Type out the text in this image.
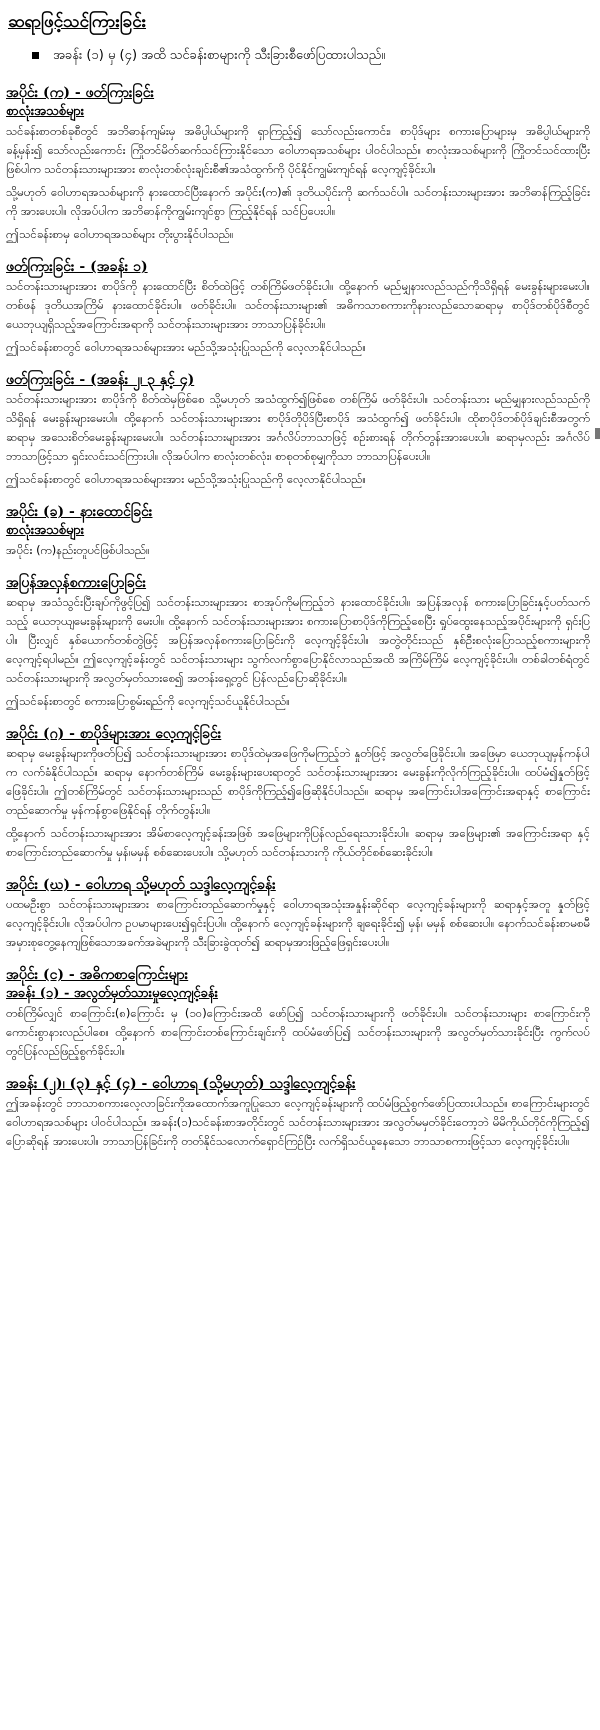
ဆရာဖြင့်သင်ကြားခြင်း
အခန်း (၁) မှ (၄) အထိ သင်ခန်းစာများကို သီးခြားစီဖော်ပြထားပါသည်။
အပိုင်း (က) - ဖတ်ကြားခြင်း
စာလုံးအသစ်များ

သင်ခန်းစာတစ်ခုစီတွင် အဘိဓာန်ကျမ်းမှ အဓိပ္ပါယ်များကို ရှာကြည့်၍ သော်လည်းကောင်း၊ စာပိုဒ်များ စကားပြောများမှ အဓိပ္ပါယ်များကို ခန့်မှန်း၍ သော်လည်းကောင်း ကြိုတင်မိတ်ဆက်သင်ကြားနိုင်သော ဝေါဟာရအသစ်များ ပါဝင်ပါသည်။ စာလုံးအသစ်များကို ကြိုတင်သင်ထားပြီးဖြစ်ပါက သင်တန်းသားများအား စာလုံးတစ်လုံးချင်းစီ၏အသံထွက်ကို ပိုင်နိုင်ကျွမ်းကျင်ရန် လေ့ကျင့်ခိုင်းပါ။

သို့မဟုတ် ဝေါဟာရအသစ်များကို နားထောင်ပြီးနောက် အပိုင်း(က)၏ ဒုတိယပိုင်းကို ဆက်သင်ပါ။ သင်တန်းသားများအား အဘိဓာန်ကြည့်ခြင်းကို အားပေးပါ။ လိုအပ်ပါက အဘိဓာန်ကိုကျွမ်းကျင်စွာ ကြည့်နိုင်ရန် သင်ပြပေးပါ။

ဤသင်ခန်းစာမှ ဝေါဟာရအသစ်များ တိုးပွားနိုင်ပါသည်။

ဖတ်ကြားခြင်း - (အခန်း ၁)

သင်တန်းသားများအား စာပိုဒ်ကို နားထောင်ပြီး စိတ်ထဲဖြင့် တစ်ကြိမ်ဖတ်ခိုင်းပါ။ ထို့နောက် မည်မျှနားလည်သည်ကိုသိရှိရန် မေးခွန်းများမေးပါ။ တစ်ဖန် ဒုတိယအကြိမ် နားထောင်ခိုင်းပါ။ ဖတ်ခိုင်းပါ။ သင်တန်းသားများ၏ အဓိကသာစကားကိုနားလည်သောဆရာမှ စာပိုဒ်တစ်ပိုဒ်စီတွင် ယေဘုယျရှိသည့်အကြောင်းအရာကို သင်တန်းသားများအား ဘာသာပြန်ခိုင်းပါ။

ဤသင်ခန်းစာတွင် ဝေါဟာရအသစ်များအား မည်သို့အသုံးပြုသည်ကို လေ့လာနိုင်ပါသည်။

ဖတ်ကြားခြင်း - (အခန်း ၂၊ ၃ နှင့် ၄)

သင်တန်းသားများအား စာပိုဒ်ကို စိတ်ထဲမှဖြစ်စေ သို့မဟုတ် အသံထွက်၍ဖြစ်စေ တစ်ကြိမ် ဖတ်ခိုင်းပါ။ သင်တန်းသား မည်မျှနားလည်သည်ကိုသိရှိရန် မေးခွန်းများမေးပါ။ ထို့နောက် သင်တန်းသားများအား စာပိုဒ်တိုပိုဒ်ပြီးစာပိုဒ် အသံထွက်၍ ဖတ်ခိုင်းပါ။ ထိုစာပိုဒ်တစ်ပိုဒ်ချင်းစီအတွက် ဆရာမှ အသေးစိတ်မေးခွန်းများမေးပါ။ သင်တန်းသားများအား အင်္ဂလိပ်ဘာသာဖြင့် စဉ်းစားရန် တိုက်တွန်းအားပေးပါ။ ဆရာမှလည်း အင်္ဂလိပ်ဘာသာဖြင့်သာ ရှင်းလင်းသင်ကြားပါ။ လိုအပ်ပါက စာလုံးတစ်လုံး၊ စာစုတစ်စုမျှကိုသာ ဘာသာပြန်ပေးပါ။

ဤသင်ခန်းစာတွင် ဝေါဟာရအသစ်များအား မည်သို့အသုံးပြုသည်ကို လေ့လာနိုင်ပါသည်။

အပိုင်း (ခ) - နားထောင်ခြင်း
စာလုံးအသစ်များ

အပိုင်း (က)နည်းတူပင်ဖြစ်ပါသည်။

အပြန်အလှန်စကားပြောခြင်း

ဆရာမှ အသံသွင်းပြီးချပ်ကိုဖွင့်ပြ၍ သင်တန်းသားများအား စာအုပ်ကိုမကြည့်ဘဲ နားထောင်ခိုင်းပါ။ အပြန်အလှန် စကားပြောခြင်းနှင့်ပတ်သက်သည့် ယေဘုယျမေးခွန်းများကို မေးပါ။ ထို့နောက် သင်တန်းသားများအား စကားပြောစာပိုဒ်ကိုကြည့်စေပြီး ရှုပ်ထွေးနေသည့်အပိုင်းများကို ရှင်းပြပါ။ ပြီးလျှင် နှစ်ယောက်တစ်တွဲဖြင့် အပြန်အလှန်စကားပြောခြင်းကို လေ့ကျင့်ခိုင်းပါ။ အတွဲတိုင်းသည် နှစ်ဦးစလုံးပြောသည့်စကားများကို လေ့ကျင့်ရပါမည်။ ဤလေ့ကျင့်ခန်းတွင် သင်တန်းသားများ သွက်လက်စွာပြောနိုင်လာသည်အထိ အကြိမ်ကြိမ် လေ့ကျင့်ခိုင်းပါ။ တစ်ခါတစ်ရံတွင် သင်တန်းသားများကို အလွတ်မှတ်သားစေ၍ အတန်းရှေ့တွင် ပြန်လည်ပြောဆိုခိုင်းပါ။

ဤသင်ခန်းစာတွင် စကားပြောစွမ်းရည်ကို လေ့ကျင့်သင်ယူနိုင်ပါသည်။

အပိုင်း (ဂ) - စာပိုဒ်များအား လေ့ကျင့်ခြင်း

ဆရာမှ မေးခွန်းများကိုဖတ်ပြ၍ သင်တန်းသားများအား စာပိုဒ်ထဲမှအဖြေကိုမကြည့်ဘဲ နှုတ်ဖြင့် အလွတ်ဖြေခိုင်းပါ။ အဖြေမှာ ယေဘုယျမှန်ကန်ပါက လက်ခံနိုင်ပါသည်။ ဆရာမှ နောက်တစ်ကြိမ် မေးခွန်းများပေးရာတွင် သင်တန်းသားများအား မေးခွန်းကိုလိုက်ကြည့်ခိုင်းပါ။ ထပ်မံ၍နှုတ်ဖြင့် ဖြေခိုင်းပါ။ ဤတစ်ကြိမ်တွင် သင်တန်းသားများသည် စာပိုဒ်ကိုကြည့်၍ဖြေဆိုနိုင်ပါသည်။ ဆရာမှ အကြောင်းပါအကြောင်းအရာနှင့် စာကြောင်းတည်ဆောက်မှု မှန်ကန်စွာဖြေနိုင်ရန် တိုက်တွန်းပါ။

ထို့နောက် သင်တန်းသားများအား အိမ်စာလေ့ကျင့်ခန်းအဖြစ် အဖြေများကိုပြန်လည်ရေးသားခိုင်းပါ။ ဆရာမှ အဖြေများ၏ အကြောင်းအရာ နှင့် စာကြောင်းတည်ဆောက်မှု မှန်၊မမှန် စစ်ဆေးပေးပါ။ သို့မဟုတ် သင်တန်းသားကို ကိုယ်တိုင်စစ်ဆေးခိုင်းပါ။

အပိုင်း (ဃ) - ဝေါဟာရ သို့မဟုတ် သဒ္ဒါလေ့ကျင့်ခန်း

ပထမဦးစွာ သင်တန်းသားများအား စာကြောင်းတည်ဆောက်မှုနှင့် ဝေါဟာရအသုံးအနှုန်းဆိုင်ရာ လေ့ကျင့်ခန်းများကို ဆရာနှင့်အတူ နှုတ်ဖြင့်လေ့ကျင့်ခိုင်းပါ။ လိုအပ်ပါက ဥပမာများပေး၍ရှင်းပြပါ။ ထို့နောက် လေ့ကျင့်ခန်းများကို ချရေးခိုင်း၍ မှန်၊ မမှန် စစ်ဆေးပါ။ နောက်သင်ခန်းစာမစမီ အမှားစုတွေ့နေကျဖြစ်သောအခက်အခဲများကို သီးခြားခွဲထုတ်၍ ဆရာမှအားဖြည့်ဖြေရှင်းပေးပါ။

အပိုင်း (င) - အဓိကစာကြောင်းများ
အခန်း (၁) - အလွတ်မှတ်သားမှုလေ့ကျင့်ခန်း

တစ်ကြိမ်လျှင် စာကြောင်း(၈)ကြောင်း မှ (၁၀)ကြောင်းအထိ ဖော်ပြ၍ သင်တန်းသားများကို ဖတ်ခိုင်းပါ။ သင်တန်းသားများ စာကြောင်းကို ကောင်းစွာနားလည်ပါစေ။ ထို့နောက် စာကြောင်းတစ်ကြောင်းချင်းကို ထပ်မံဖော်ပြ၍ သင်တန်းသားများကို အလွတ်မှတ်သားခိုင်းပြီး ကွက်လပ်တွင်ပြန်လည်ဖြည့်စွက်ခိုင်းပါ။

အခန်း (၂)၊ (၃) နှင့် (၄) - ဝေါဟာရ (သို့မဟုတ်) သဒ္ဒါလေ့ကျင့်ခန်း

ဤအခန်းတွင် ဘာသာစကားလေ့လာခြင်းကိုအထောက်အကူပြုသော လေ့ကျင့်ခန်းများကို ထပ်မံဖြည့်စွက်ဖော်ပြထားပါသည်။ စာကြောင်းများတွင် ဝေါဟာရအသစ်များ ပါဝင်ပါသည်။ အခန်း(၁)သင်ခန်းစာအတိုင်းတွင် သင်တန်းသားများအား အလွတ်မမှတ်ခိုင်းတော့ဘဲ မိမိကိုယ်တိုင်ကိုကြည့်၍ ပြောဆိုရန် အားပေးပါ။ ဘာသာပြန်ခြင်းကို တတ်နိုင်သလောက်ရှောင်ကြဉ်ပြီး လက်ရှိသင်ယူနေသော ဘာသာစကားဖြင့်သာ လေ့ကျင့်ခိုင်းပါ။
